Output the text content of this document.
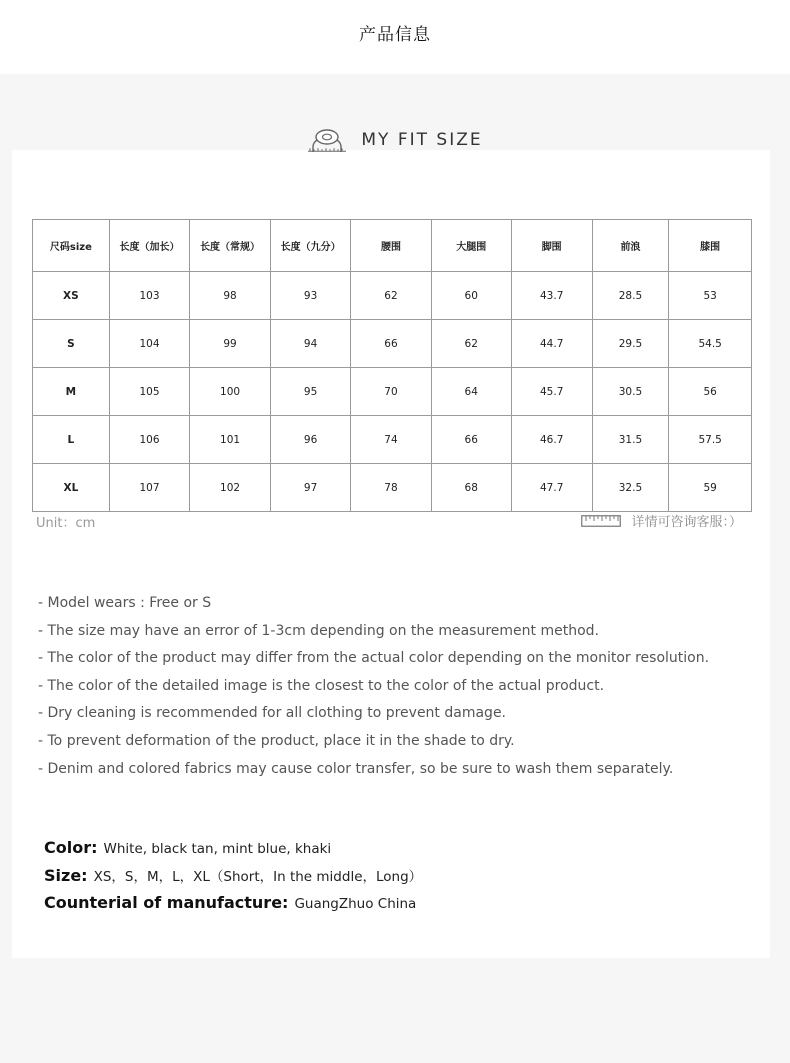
产品信息
尺码size	长度（加长）	长度（常规）	长度（九分）	腰围	大腿围	脚围	前浪	膝围
XS	103	98	93	62	60	43.7	28.5	53
S	104	99	94	66	62	44.7	29.5	54.5
M	105	100	95	70	64	45.7	30.5	56
L	106	101	96	74	66	46.7	31.5	57.5
XL	107	102	97	78	68	47.7	32.5	59
Unit：cm	详情可咨询客服：）
- Model wears : Free or S
- The size may have an error of 1-3cm depending on the measurement method.
- The color of the product may differ from the actual color depending on the monitor resolution.
- The color of the detailed image is the closest to the color of the actual product.
- Dry cleaning is recommended for all clothing to prevent damage.
- To prevent deformation of the product, place it in the shade to dry.
- Denim and colored fabrics may cause color transfer, so be sure to wash them separately.
Color: White, black tan, mint blue, khaki
Size: XS，S，M，L，XL（Short，In the middle，Long）
Counterial of manufacture: GuangZhuo China
MY FIT SIZE
